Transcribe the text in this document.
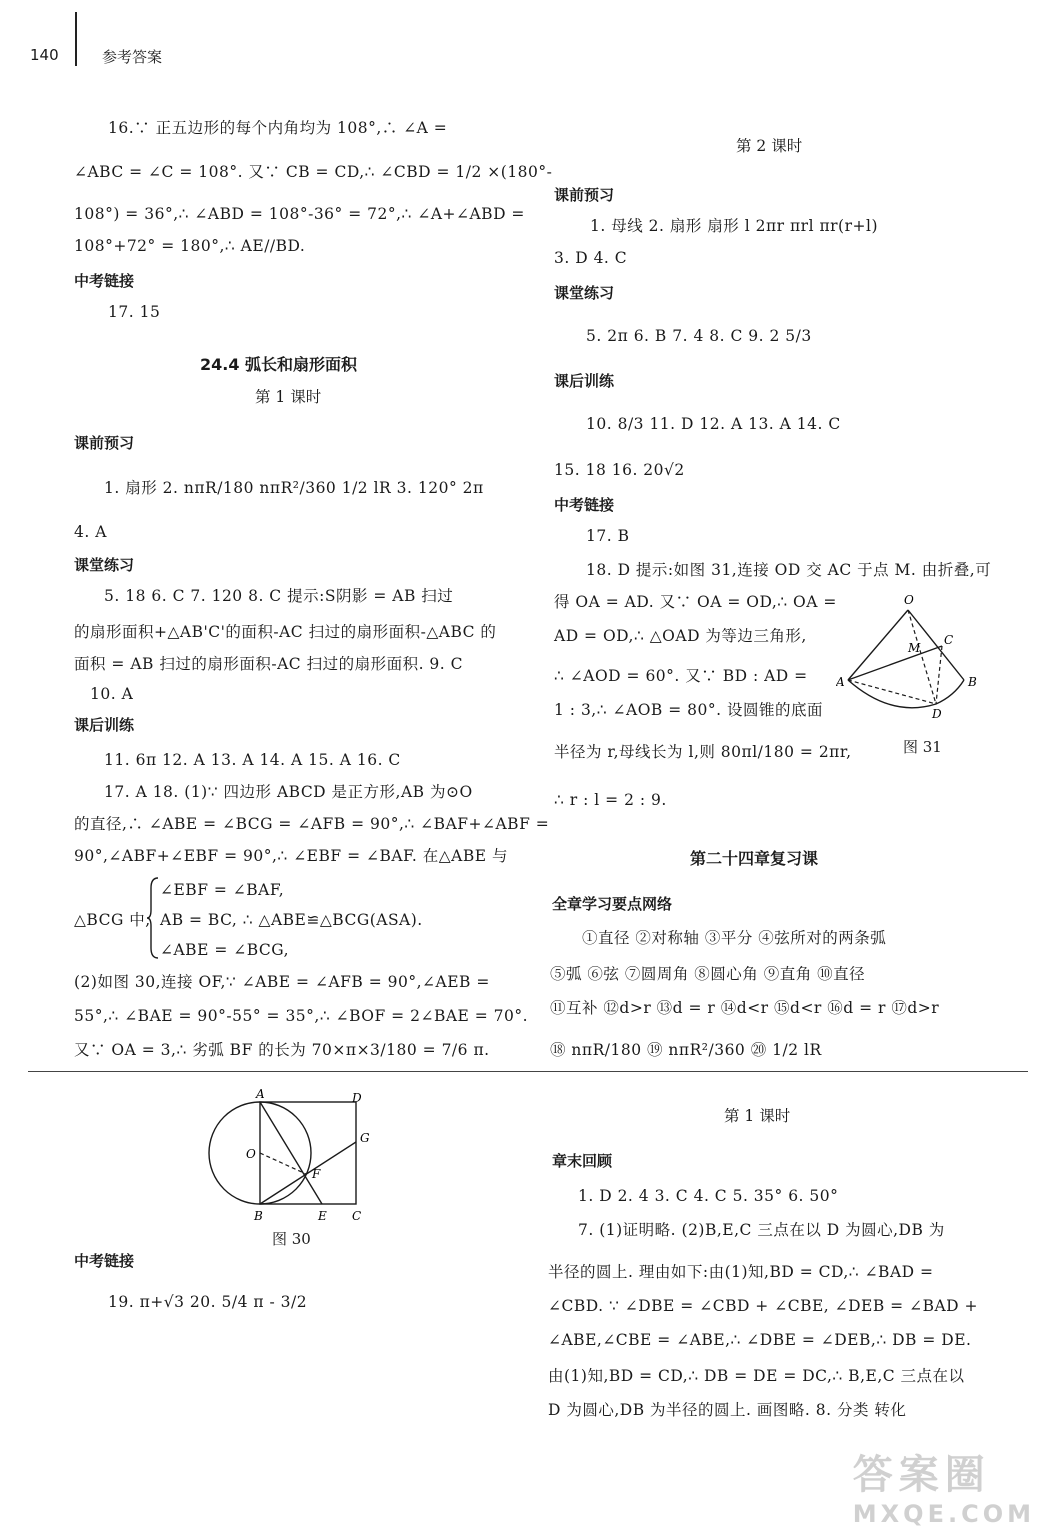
140	参考答案
16.∵ 正五边形的每个内角均为 108°,∴ ∠A =
∠ABC = ∠C = 108°. 又∵ CB = CD,∴ ∠CBD = 1/2 ×(180°-
108°) = 36°,∴ ∠ABD = 108°-36° = 72°,∴ ∠A+∠ABD =
108°+72° = 180°,∴ AE//BD.
中考链接
17. 15
24.4 弧长和扇形面积
第 1 课时
课前预习
1. 扇形 2. nπR/180 nπR²/360 1/2 lR 3. 120° 2π
4. A
课堂练习
5. 18 6. C 7. 120 8. C 提示:S阴影 = AB 扫过
的扇形面积+△AB'C'的面积-AC 扫过的扇形面积-△ABC 的
面积 = AB 扫过的扇形面积-AC 扫过的扇形面积. 9. C
10. A
课后训练
11. 6π 12. A 13. A 14. A 15. A 16. C
17. A 18. (1)∵ 四边形 ABCD 是正方形,AB 为⊙O
的直径,∴ ∠ABE = ∠BCG = ∠AFB = 90°,∴ ∠BAF+∠ABF =
90°,∠ABF+∠EBF = 90°,∴ ∠EBF = ∠BAF. 在△ABE 与
∠EBF = ∠BAF,
△BCG 中, AB = BC, ∴ △ABE≌△BCG(ASA).
∠ABE = ∠BCG,
(2)如图 30,连接 OF,∵ ∠ABE = ∠AFB = 90°,∠AEB =
55°,∴ ∠BAE = 90°-55° = 35°,∴ ∠BOF = 2∠BAE = 70°.
又∵ OA = 3,∴ 劣弧 BF 的长为 70×π×3/180 = 7/6 π.
第 2 课时
课前预习
1. 母线 2. 扇形 扇形 l 2πr πrl πr(r+l)
3. D 4. C
课堂练习
5. 2π 6. B 7. 4 8. C 9. 2 5/3
课后训练
10. 8/3 11. D 12. A 13. A 14. C
15. 18 16. 20√2
中考链接
17. B
18. D 提示:如图 31,连接 OD 交 AC 于点 M. 由折叠,可
得 OA = AD. 又∵ OA = OD,∴ OA =
AD = OD,∴ △OAD 为等边三角形,
∴ ∠AOD = 60°. 又∵ BD : AD =
1 : 3,∴ ∠AOB = 80°. 设圆锥的底面
半径为 r,母线长为 l,则 80πl/180 = 2πr,
∴ r : l = 2 : 9.
O
M
C
A	B
D
图 31
第二十四章复习课
全章学习要点网络
①直径 ②对称轴 ③平分 ④弦所对的两条弧
⑤弧 ⑥弦 ⑦圆周角 ⑧圆心角 ⑨直角 ⑩直径
⑪互补 ⑫d>r ⑬d = r ⑭d<r ⑮d<r ⑯d = r ⑰d>r
⑱ nπR/180 ⑲ nπR²/360 ⑳ 1/2 lR
A	D
O
G
F
B	E C
图 30
中考链接
19. π+√3 20. 5/4 π - 3/2
第 1 课时
章末回顾
1. D 2. 4 3. C 4. C 5. 35° 6. 50°
7. (1)证明略. (2)B,E,C 三点在以 D 为圆心,DB 为
半径的圆上. 理由如下:由(1)知,BD = CD,∴ ∠BAD =
∠CBD. ∵ ∠DBE = ∠CBD + ∠CBE, ∠DEB = ∠BAD +
∠ABE,∠CBE = ∠ABE,∴ ∠DBE = ∠DEB,∴ DB = DE.
由(1)知,BD = CD,∴ DB = DE = DC,∴ B,E,C 三点在以
D 为圆心,DB 为半径的圆上. 画图略. 8. 分类 转化
答案圈
MXQE.COM
